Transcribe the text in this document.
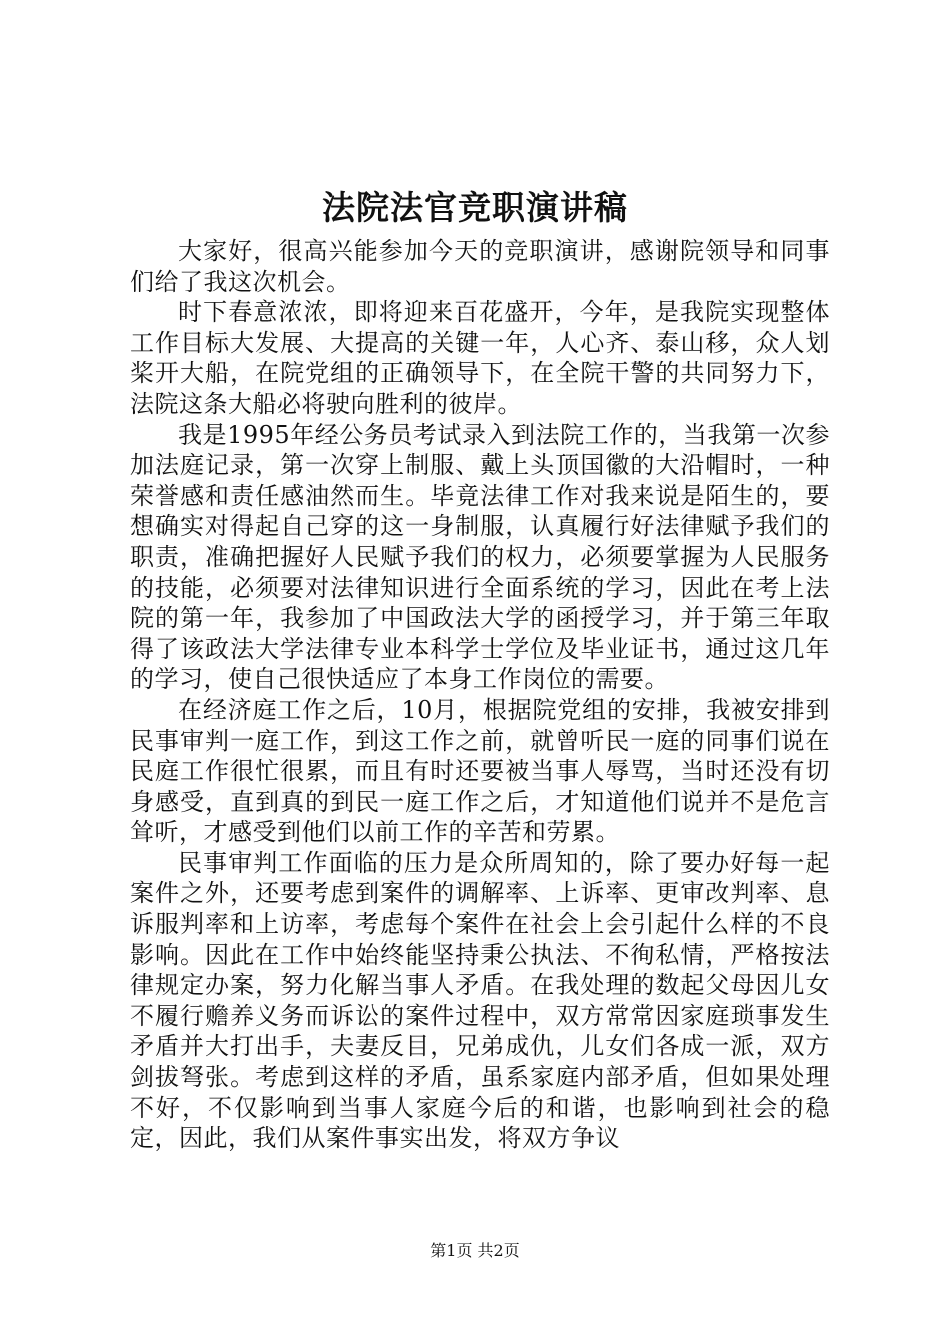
法院法官竞职演讲稿

大家好，很高兴能参加今天的竞职演讲，感谢院领导和同事们给了我这次机会。

时下春意浓浓，即将迎来百花盛开，今年，是我院实现整体工作目标大发展、大提高的关键一年，人心齐、泰山移，众人划桨开大船，在院党组的正确领导下，在全院干警的共同努力下，法院这条大船必将驶向胜利的彼岸。

我是1995年经公务员考试录入到法院工作的，当我第一次参加法庭记录，第一次穿上制服、戴上头顶国徽的大沿帽时，一种荣誉感和责任感油然而生。毕竟法律工作对我来说是陌生的，要想确实对得起自己穿的这一身制服，认真履行好法律赋予我们的职责，准确把握好人民赋予我们的权力，必须要掌握为人民服务的技能，必须要对法律知识进行全面系统的学习，因此在考上法院的第一年，我参加了中国政法大学的函授学习，并于第三年取得了该政法大学法律专业本科学士学位及毕业证书，通过这几年的学习，使自己很快适应了本身工作岗位的需要。

在经济庭工作之后，10月，根据院党组的安排，我被安排到民事审判一庭工作，到这工作之前，就曾听民一庭的同事们说在民庭工作很忙很累，而且有时还要被当事人辱骂，当时还没有切身感受，直到真的到民一庭工作之后，才知道他们说并不是危言耸听，才感受到他们以前工作的辛苦和劳累。

民事审判工作面临的压力是众所周知的，除了要办好每一起案件之外，还要考虑到案件的调解率、上诉率、更审改判率、息诉服判率和上访率，考虑每个案件在社会上会引起什么样的不良影响。因此在工作中始终能坚持秉公执法、不徇私情，严格按法律规定办案，努力化解当事人矛盾。在我处理的数起父母因儿女不履行赡养义务而诉讼的案件过程中，双方常常因家庭琐事发生矛盾并大打出手，夫妻反目，兄弟成仇，儿女们各成一派，双方剑拔弩张。考虑到这样的矛盾，虽系家庭内部矛盾，但如果处理不好，不仅影响到当事人家庭今后的和谐，也影响到社会的稳定，因此，我们从案件事实出发，将双方争议

第1页 共2页
